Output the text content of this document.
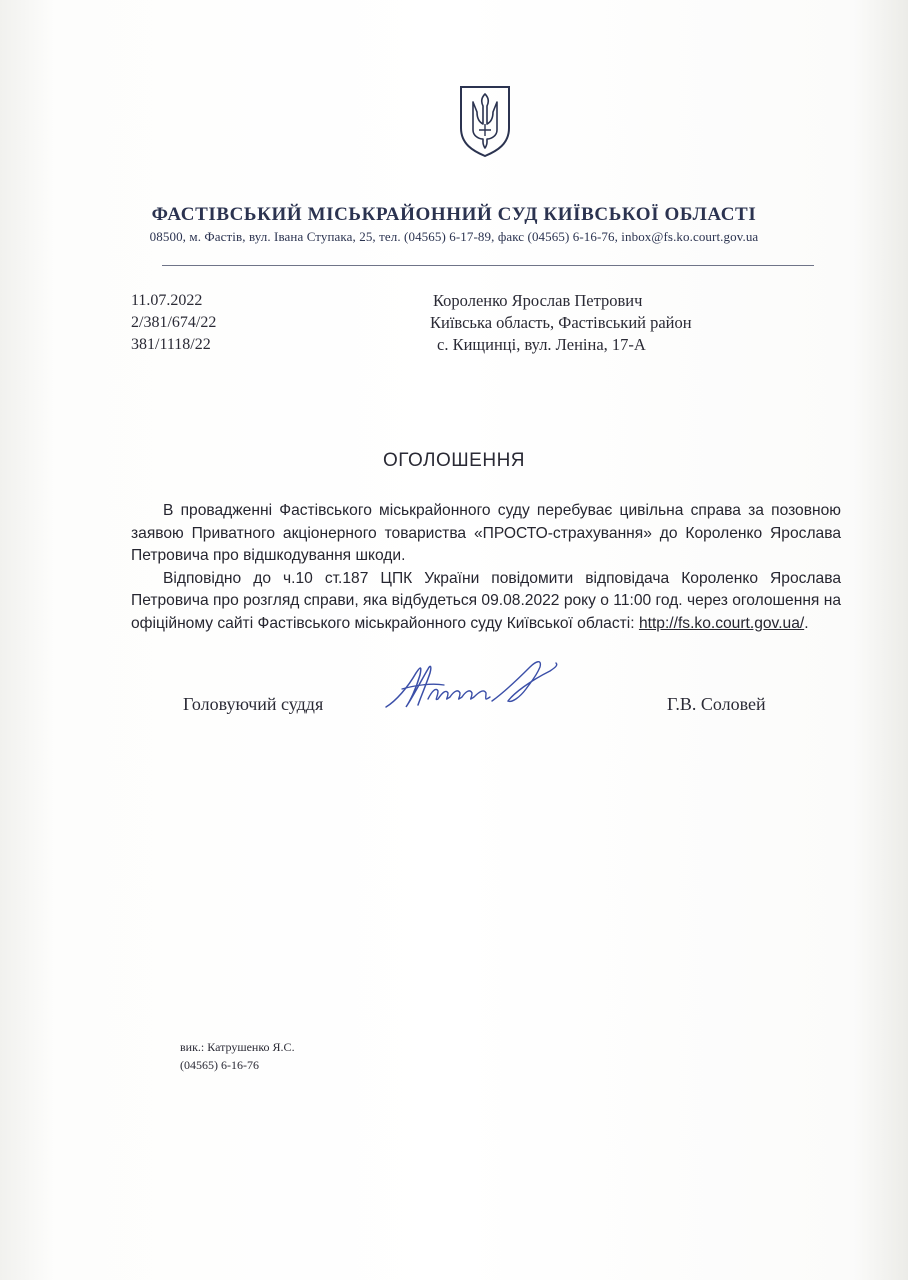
ФАСТІВСЬКИЙ МІСЬКРАЙОННИЙ СУД КИЇВСЬКОЇ ОБЛАСТІ
08500, м. Фастів, вул. Івана Ступака, 25, тел. (04565) 6-17-89, факс (04565) 6-16-76, inbox@fs.ko.court.gov.ua
11.07.2022
2/381/674/22
381/1118/22
Короленко Ярослав Петрович
Київська область, Фастівський район
с. Кищинці, вул. Леніна, 17-А
ОГОЛОШЕННЯ

В провадженні Фастівського міськрайонного суду перебуває цивільна справа за позовною заявою Приватного акціонерного товариства «ПРОСТО-страхування» до Короленко Ярослава Петровича про відшкодування шкоди.

Відповідно до ч.10 ст.187 ЦПК України повідомити відповідача Короленко Ярослава Петровича про розгляд справи, яка відбудеться 09.08.2022 року о 11:00 год. через оголошення на офіційному сайті Фастівського міськрайонного суду Київської області: http://fs.ko.court.gov.ua/.

Головуючий суддя	Г.В. Соловей
вик.: Катрушенко Я.С.
(04565) 6-16-76
